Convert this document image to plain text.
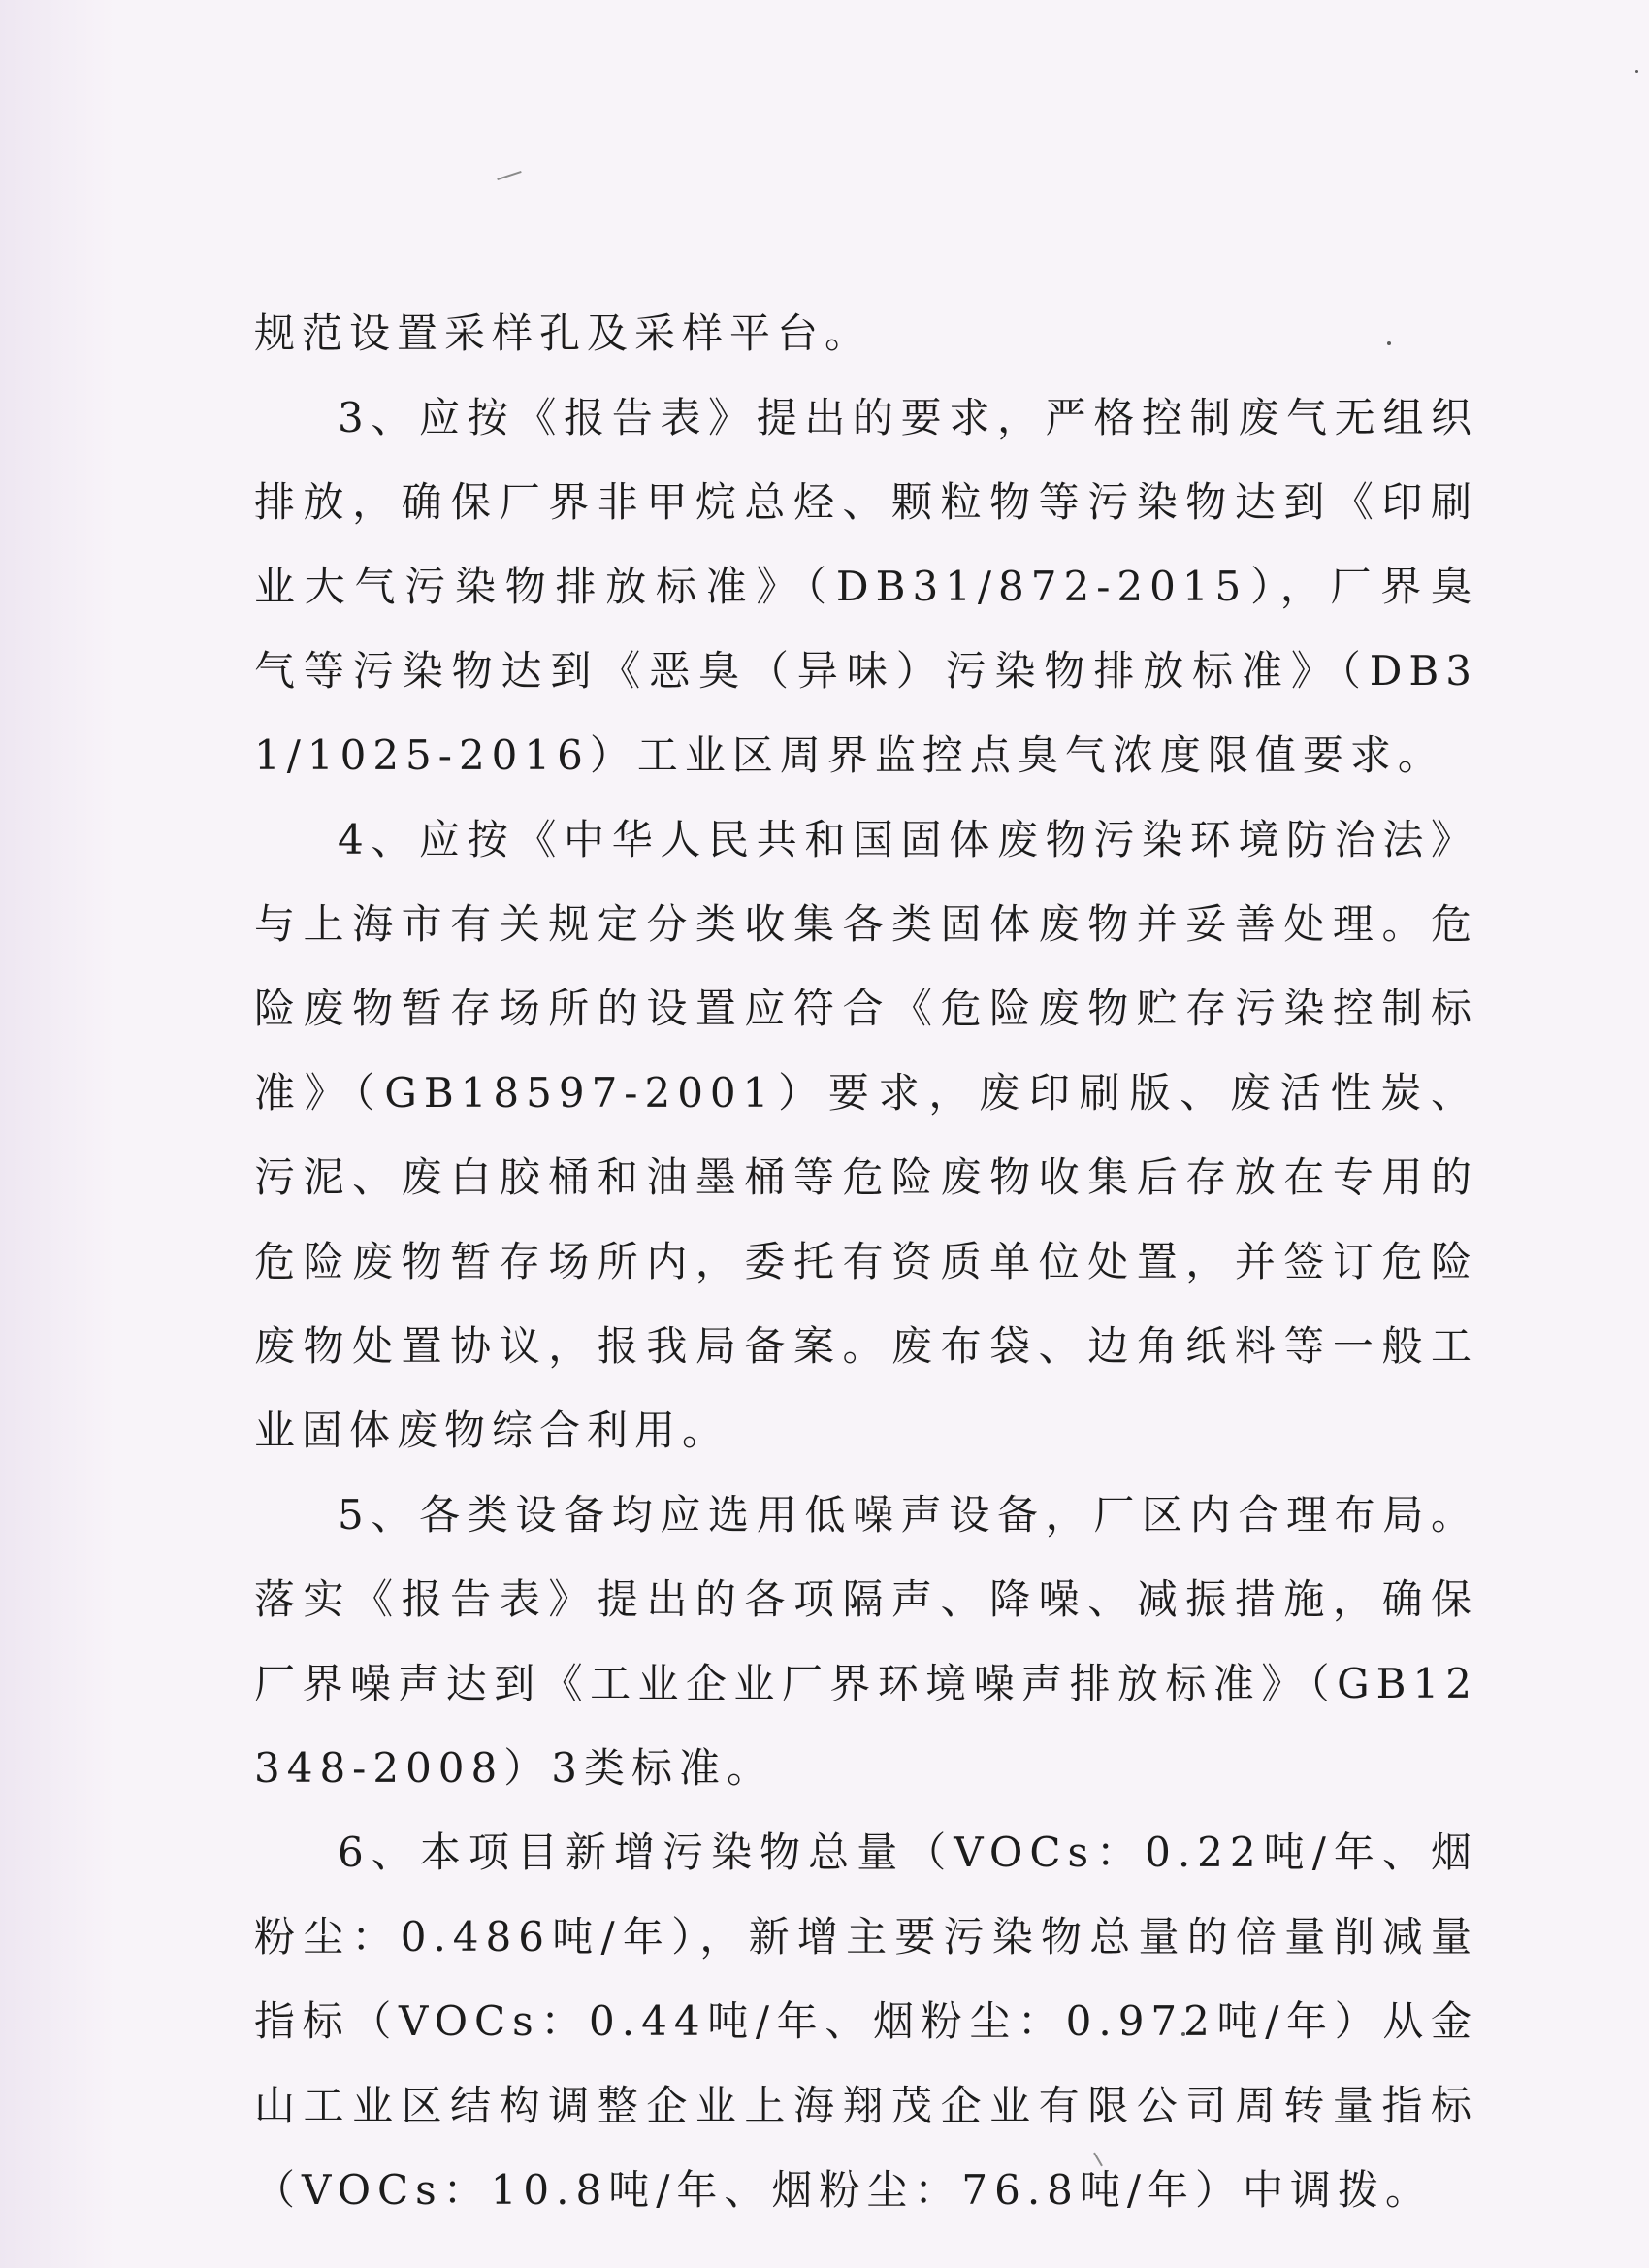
规范设置采样孔及采样平台。

3、应按《报告表》提出的要求，严格控制废气无组织排放，确保厂界非甲烷总烃、颗粒物等污染物达到《印刷业大气污染物排放标准》（DB31/872-2015），厂界臭气等污染物达到《恶臭（异味）污染物排放标准》（DB31/1025-2016）工业区周界监控点臭气浓度限值要求。

4、应按《中华人民共和国固体废物污染环境防治法》与上海市有关规定分类收集各类固体废物并妥善处理。危险废物暂存场所的设置应符合《危险废物贮存污染控制标准》（GB18597-2001）要求，废印刷版、废活性炭、污泥、废白胶桶和油墨桶等危险废物收集后存放在专用的危险废物暂存场所内，委托有资质单位处置，并签订危险废物处置协议，报我局备案。废布袋、边角纸料等一般工业固体废物综合利用。

5、各类设备均应选用低噪声设备，厂区内合理布局。落实《报告表》提出的各项隔声、降噪、减振措施，确保厂界噪声达到《工业企业厂界环境噪声排放标准》（GB12348-2008）3类标准。

6、本项目新增污染物总量（VOCs：0.22吨/年、烟粉尘：0.486吨/年），新增主要污染物总量的倍量削减量指标（VOCs：0.44吨/年、烟粉尘：0.972吨/年）从金山工业区结构调整企业上海翔茂企业有限公司周转量指标（VOCs：10.8吨/年、烟粉尘：76.8吨/年）中调拨。
